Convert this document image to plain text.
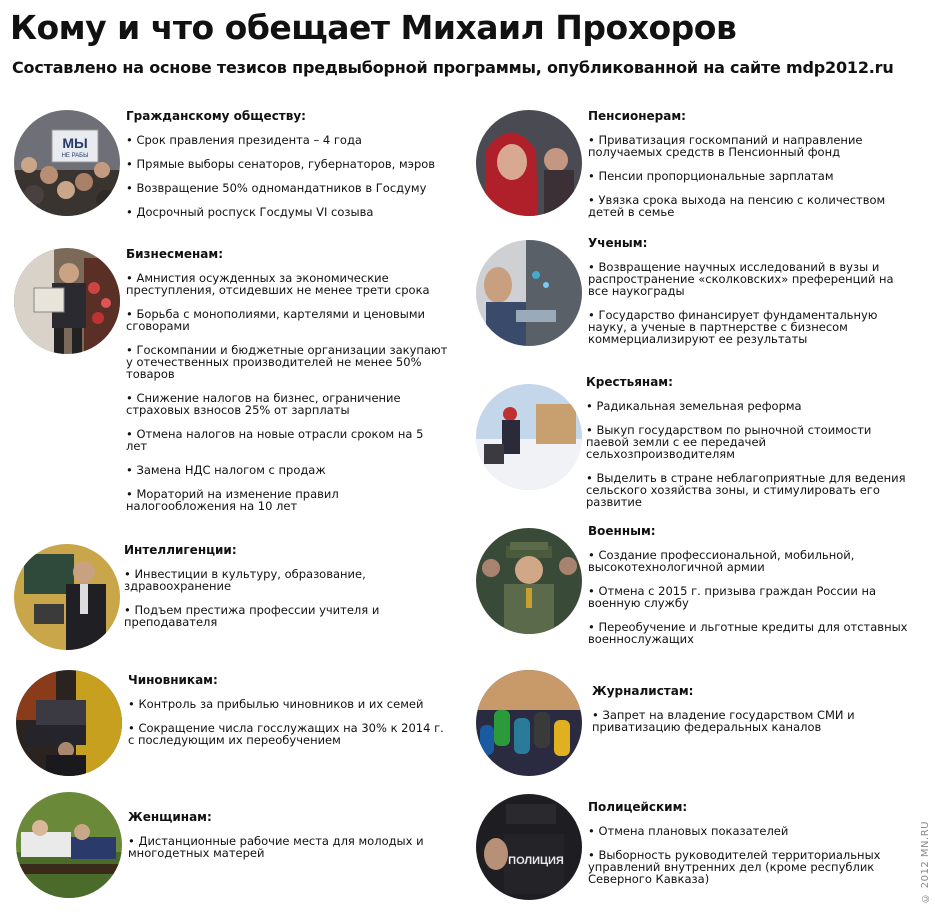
Кому и что обещает Михаил Прохоров
Составлено на основе тезисов предвыборной программы, опубликованной на сайте mdp2012.ru
МЫ
НЕ РАБЫ
Гражданскому обществу:
• Срок правления президента – 4 года
• Прямые выборы сенаторов, губернаторов, мэров
• Возвращение 50% одномандатников в Госдуму
• Досрочный роспуск Госдумы VI созыва
Бизнесменам:
• Амнистия осужденных за экономические преступления, отсидевших не менее трети срока
• Борьба с монополиями, картелями и ценовыми сговорами
• Госкомпании и бюджетные организации закупают у отечественных производителей не менее 50% товаров
• Снижение налогов на бизнес, ограничение страховых взносов 25% от зарплаты
• Отмена налогов на новые отрасли сроком на 5 лет
• Замена НДС налогом с продаж
• Мораторий на изменение правил налогообложения на 10 лет
Интеллигенции:
• Инвестиции в культуру, образование, здравоохранение
• Подъем престижа профессии учителя и преподавателя
Чиновникам:
• Контроль за прибылью чиновников и их семей
• Сокращение числа госслужащих на 30% к 2014 г. с последующим их переобучением
Женщинам:
• Дистанционные рабочие места для молодых и многодетных матерей
Пенсионерам:
• Приватизация госкомпаний и направление получаемых средств в Пенсионный фонд
• Пенсии пропорциональные зарплатам
• Увязка срока выхода на пенсию с количеством детей в семье
Ученым:
• Возвращение научных исследований в вузы и распространение «сколковских» преференций на все наукограды
• Государство финансирует фундаментальную науку, а ученые в партнерстве с бизнесом коммерциализируют ее результаты
Крестьянам:
• Радикальная земельная реформа
• Выкуп государством по рыночной стоимости паевой земли с ее передачей сельхозпроизводителям
• Выделить в стране неблагоприятные для ведения сельского хозяйства зоны, и стимулировать его развитие
Военным:
• Создание профессиональной, мобильной, высокотехнологичной армии
• Отмена с 2015 г. призыва граждан России на военную службу
• Переобучение и льготные кредиты для отставных военнослужащих
Журналистам:
• Запрет на владение государством СМИ и приватизацию федеральных каналов
ПОЛИЦИЯ
Полицейским:
• Отмена плановых показателей
• Выборность руководителей территориальных управлений внутренних дел (кроме республик Северного Кавказа)	© 2012 MN.RU
